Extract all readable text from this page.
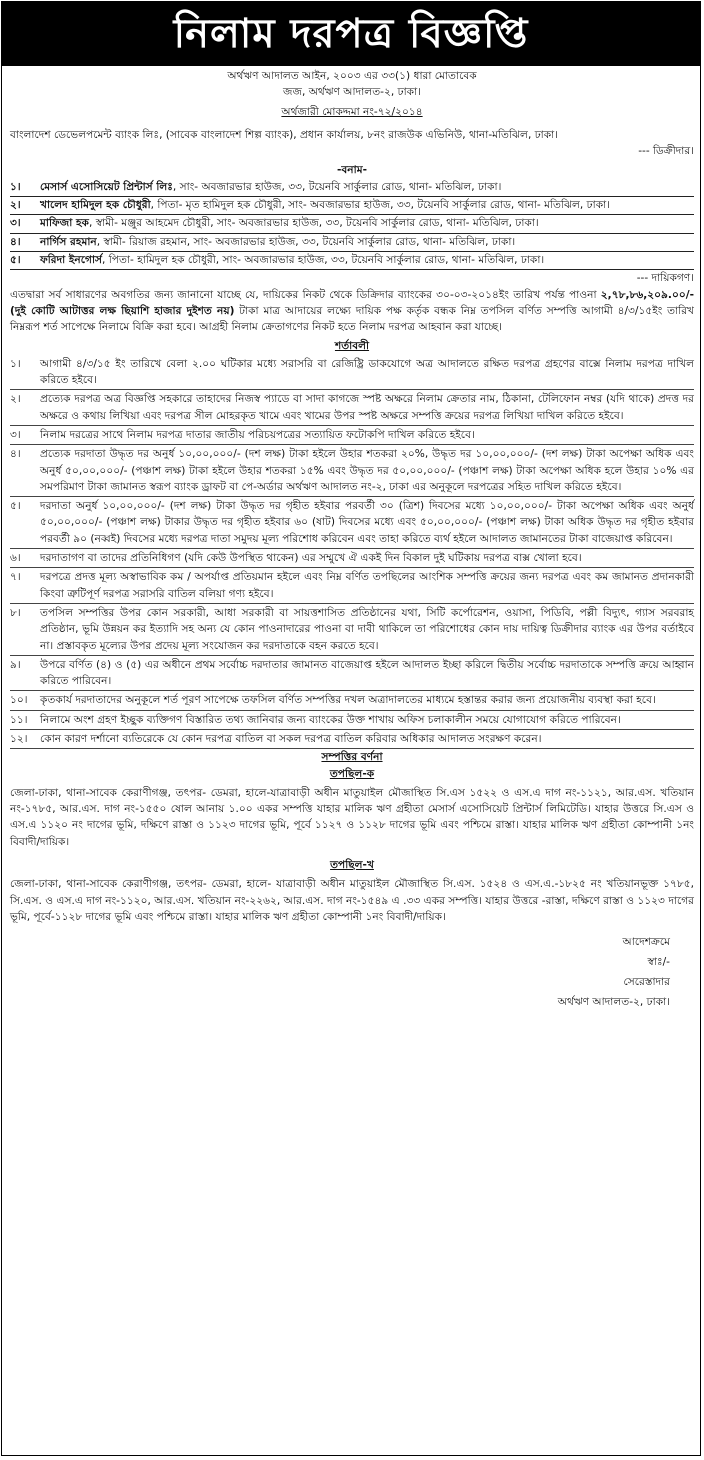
নিলাম দরপত্র বিজ্ঞপ্তি

অর্থঋণ আদালত আইন, ২০০৩ এর ৩৩(১) ধারা মোতাবেক

জজ, অর্থঋণ আদালত-২, ঢাকা।

অর্থজারী মোকদ্দমা নং-৭২/২০১৪

বাংলাদেশ ডেভেলপমেন্ট ব্যাংক লিঃ, (সাবেক বাংলাদেশ শিল্প ব্যাংক), প্রধান কার্যালয়, ৮নং রাজউক এভিনিউ, থানা-মতিঝিল, ঢাকা।

--- ডিক্রীদার।

-বনাম-

১।	মেসার্স এসোসিয়েট প্রিন্টার্স লিঃ, সাং- অবজারভার হাউজ, ৩৩, টয়েনবি সার্কুলার রোড, থানা- মতিঝিল, ঢাকা।
২।	খালেদ হামিদুল হক চৌধুরী, পিতা- মৃত হামিদুল হক চৌধুরী, সাং- অবজারভার হাউজ, ৩৩, টয়েনবি সার্কুলার রোড, থানা- মতিঝিল, ঢাকা।
৩।	মাফিজা হক, স্বামী- মঞ্জুর আহমেদ চৌধুরী, সাং- অবজারভার হাউজ, ৩৩, টয়েনবি সার্কুলার রোড, থানা- মতিঝিল, ঢাকা।
৪।	নার্গিস রহমান, স্বামী- রিয়াজ রহমান, সাং- অবজারভার হাউজ, ৩৩, টয়েনবি সার্কুলার রোড, থানা- মতিঝিল, ঢাকা।
৫।	ফরিদা ইনগোর্স, পিতা- হামিদুল হক চৌধুরী, সাং- অবজারভার হাউজ, ৩৩, টয়েনবি সার্কুলার রোড, থানা- মতিঝিল, ঢাকা।

--- দায়িকগণ।

এতদ্বারা সর্ব সাধারণের অবগতির জন্য জানানো যাচ্ছে যে, দায়িকের নিকট থেকে ডিক্রিদার ব্যাংকের ৩০-০৩-২০১৪ইং তারিখ পর্যন্ত পাওনা ২,৭৮,৮৬,২০৯.০০/- (দুই কোটি আটাত্তর লক্ষ ছিয়াশি হাজার দুইশত নয়) টাকা মাত্র আদায়ের লক্ষ্যে দায়িক পক্ষ কর্তৃক বন্ধক নিম্ন তপসিল বর্ণিত সম্পত্তি আগামী ৪/৩/১৫ইং তারিখ নিম্নরূপ শর্ত সাপেক্ষে নিলামে বিক্রি করা হবে। আগ্রহী নিলাম ক্রেতাগণের নিকট হতে নিলাম দরপত্র আহবান করা যাচ্ছে।

শর্তাবলী

১।	আগামী ৪/৩/১৫ ইং তারিখে বেলা ২.০০ ঘটিকার মধ্যে সরাসরি বা রেজিষ্ট্রি ডাকযোগে অত্র আদালতে রক্ষিত দরপত্র গ্রহণের বাক্সে নিলাম দরপত্র দাখিল করিতে হইবে।
২।	প্রত্যেক দরপত্র অত্র বিজ্ঞপ্তি সহকারে তাহাদের নিজস্ব প্যাডে বা সাদা কাগজে স্পষ্ট অক্ষরে নিলাম ক্রেতার নাম, ঠিকানা, টেলিফোন নম্বর (যদি থাকে) প্রদত্ত দর অক্ষরে ও কথায় লিখিয়া এবং দরপত্র সীল মোহরকৃত খামে এবং খামের উপর স্পষ্ট অক্ষরে সম্পত্তি ক্রয়ের দরপত্র লিখিয়া দাখিল করিতে হইবে।
৩।	নিলাম দরত্রের সাথে নিলাম দরপত্র দাতার জাতীয় পরিচয়পত্রের সত্যায়িত ফটোকপি দাখিল করিতে হইবে।
৪।	প্রত্যেক দরদাতা উদ্ধৃত দর অনুর্ধ ১০,০০,০০০/- (দশ লক্ষ) টাকা হইলে উহার শতকরা ২০%, উদ্ধৃত দর ১০,০০,০০০/- (দশ লক্ষ) টাকা অপেক্ষা অধিক এবং অনুর্ধ ৫০,০০,০০০/- (পঞ্চাশ লক্ষ) টাকা হইলে উহার শতকরা ১৫% এবং উদ্ধৃত দর ৫০,০০,০০০/- (পঞ্চাশ লক্ষ) টাকা অপেক্ষা অধিক হলে উহার ১০% এর সমপরিমাণ টাকা জামানত স্বরূপ ব্যাংক ড্রাফট বা পে-অর্ডার অর্থঋণ আদালত নং-২, ঢাকা এর অনুকূলে দরপত্রের সহিত দাখিল করিতে হইবে।
৫।	দরদাতা অনুর্ধ ১০,০০,০০০/- (দশ লক্ষ) টাকা উদ্ধৃত দর গৃহীত হইবার পরবর্তী ৩০ (ত্রিশ) দিবসের মধ্যে ১০,০০,০০০/- টাকা অপেক্ষা অধিক এবং অনুর্ধ ৫০,০০,০০০/- (পঞ্চাশ লক্ষ) টাকার উদ্ধৃত দর গৃহীত হইবার ৬০ (ষাট) দিবসের মধ্যে এবং ৫০,০০,০০০/- (পঞ্চাশ লক্ষ) টাকা অধিক উদ্ধৃত দর গৃহীত হইবার পরবর্তী ৯০ (নব্বই) দিবসের মধ্যে দরপত্র দাতা সমুদয় মূল্য পরিশোধ করিবেন এবং তাহা করিতে ব্যর্থ হইলে আদালত জামানতের টাকা বাজেয়াপ্ত করিবেন।
৬।	দরদাতাগণ বা তাদের প্রতিনিধিগণ (যদি কেউ উপস্থিত থাকেন) এর সম্মুখে ঐ একই দিন বিকাল দুই ঘটিকায় দরপত্র বাক্স খোলা হবে।
৭।	দরপত্রে প্রদত্ত মূল্য অস্বাভাবিক কম / অপর্যাপ্ত প্রতিয়মান হইলে এবং নিম্ন বর্ণিত তপছিলের আংশিক সম্পত্তি ক্রয়ের জন্য দরপত্র এবং কম জামানত প্রদানকারী কিংবা ত্রুটিপূর্ণ দরপত্র সরাসরি বাতিল বলিয়া গণ্য হইবে।
৮।	তপসিল সম্পত্তির উপর কোন সরকারী, আধা সরকারী বা সায়ত্তশাসিত প্রতিষ্ঠানের যথা, সিটি কর্পোরেশন, ওয়াসা, পিডিবি, পল্লী বিদ্যুৎ, গ্যাস সরবরাহ প্রতিষ্ঠান, ভূমি উন্নয়ন কর ইত্যাদি সহ অন্য যে কোন পাওনাদারের পাওনা বা দাবী থাকিলে তা পরিশোধের কোন দায় দায়িত্ব ডিক্রীদার ব্যাংক এর উপর বর্তাইবে না। প্রস্তাবকৃত মূল্যের উপর প্রদেয় মূল্য সংযোজন কর দরদাতাকে বহন করতে হবে।
৯।	উপরে বর্ণিত (৪) ও (৫) এর অধীনে প্রথম সর্বোচ্চ দরদাতার জামানত বাজেয়াপ্ত হইলে আদালত ইচ্ছা করিলে দ্বিতীয় সর্বোচ্চ দরদাতাকে সম্পত্তি ক্রয়ে আহ্বান করিতে পারিবেন।
১০।	কৃতকার্য দরদাতাদের অনুকূলে শর্ত পূরণ সাপেক্ষে তফসিল বর্ণিত সম্পত্তির দখল অত্রাদালতের মাধ্যমে হস্তান্তর করার জন্য প্রয়োজনীয় ব্যবস্থা করা হবে।
১১।	নিলামে অংশ গ্রহণ ইচ্ছুক ব্যক্তিগণ বিস্তারিত তথ্য জানিবার জন্য ব্যাংকের উক্ত শাখায় অফিস চলাকালীন সময়ে যোগাযোগ করিতে পারিবেন।
১২।	কোন কারণ দর্শানো ব্যতিরেকে যে কোন দরপত্র বাতিল বা সকল দরপত্র বাতিল করিবার অধিকার আদালত সংরক্ষণ করেন।

সম্পত্তির বর্ণনা

তপছিল-ক

জেলা-ঢাকা, থানা-সাবেক কেরাণীগঞ্জ, তৎপর- ডেমরা, হালে-যাত্রাবাড়ী অধীন মাতুয়াইল মৌজাস্থিত সি.এস ১৫২২ ও এস.এ দাগ নং-১১২১, আর.এস. খতিয়ান নং-১৭৮৫, আর.এস. দাগ নং-১৫৫০ ষোল আনায় ১.০০ একর সম্পত্তি যাহার মালিক ঋণ গ্রহীতা মেসার্স এসোসিয়েট প্রিন্টার্স লিমিটেডি। যাহার উত্তরে সি.এস ও এস.এ ১১২০ নং দাগের ভূমি, দক্ষিণে রাস্তা ও ১১২৩ দাগের ভূমি, পূর্বে ১১২৭ ও ১১২৮ দাগের ভূমি এবং পশ্চিমে রাস্তা। যাহার মালিক ঋণ গ্রহীতা কোম্পানী ১নং বিবাদী/দায়িক।

তপছিল-খ

জেলা-ঢাকা, থানা-সাবেক কেরাণীগঞ্জ, তৎপর- ডেমরা, হালে- যাত্রাবাড়ী অধীন মাতুয়াইল মৌজাস্থিত সি.এস. ১৫২৪ ও এস.এ.-১৮২৫ নং খতিয়ানভূক্ত ১৭৮৫, সি.এস. ও এস.এ দাগ নং-১১২০, আর.এস. খতিয়ান নং-২২৬২, আর.এস. দাগ নং-১৫৪৯ এ .৩৩ একর সম্পত্তি। যাহার উত্তরে -রাস্তা, দক্ষিণে রাস্তা ও ১১২৩ দাগের ভূমি, পূর্বে-১১২৮ দাগের ভূমি এবং পশ্চিমে রাস্তা। যাহার মালিক ঋণ গ্রহীতা কোম্পানী ১নং বিবাদী/দায়িক।

আদেশক্রমে

স্বাঃ/-

সেরেস্তাদার

অর্থঋণ আদালত-২, ঢাকা।
